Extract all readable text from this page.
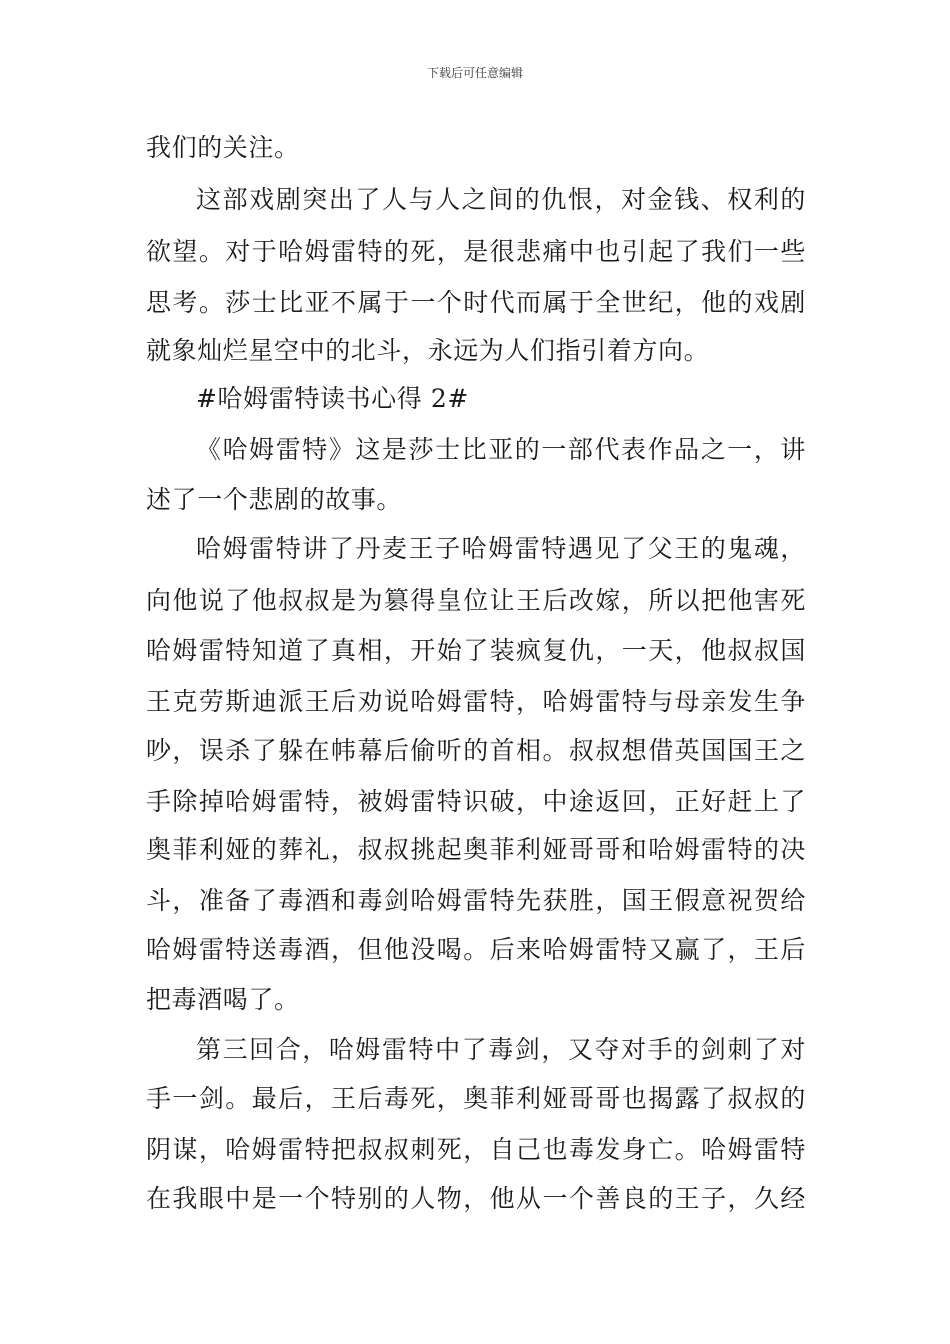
下载后可任意编辑
我们的关注。
这部戏剧突出了人与人之间的仇恨，对金钱、权利的
欲望。对于哈姆雷特的死，是很悲痛中也引起了我们一些
思考。莎士比亚不属于一个时代而属于全世纪，他的戏剧
就象灿烂星空中的北斗，永远为人们指引着方向。
#哈姆雷特读书心得 2#
《哈姆雷特》这是莎士比亚的一部代表作品之一，讲
述了一个悲剧的故事。
哈姆雷特讲了丹麦王子哈姆雷特遇见了父王的鬼魂，
向他说了他叔叔是为篡得皇位让王后改嫁，所以把他害死
哈姆雷特知道了真相，开始了装疯复仇，一天，他叔叔国
王克劳斯迪派王后劝说哈姆雷特，哈姆雷特与母亲发生争
吵，误杀了躲在帏幕后偷听的首相。叔叔想借英国国王之
手除掉哈姆雷特，被姆雷特识破，中途返回，正好赶上了
奥菲利娅的葬礼，叔叔挑起奥菲利娅哥哥和哈姆雷特的决
斗，准备了毒酒和毒剑哈姆雷特先获胜，国王假意祝贺给
哈姆雷特送毒酒，但他没喝。后来哈姆雷特又赢了，王后
把毒酒喝了。
第三回合，哈姆雷特中了毒剑，又夺对手的剑刺了对
手一剑。最后，王后毒死，奥菲利娅哥哥也揭露了叔叔的
阴谋，哈姆雷特把叔叔刺死，自己也毒发身亡。哈姆雷特
在我眼中是一个特别的人物，他从一个善良的王子，久经
